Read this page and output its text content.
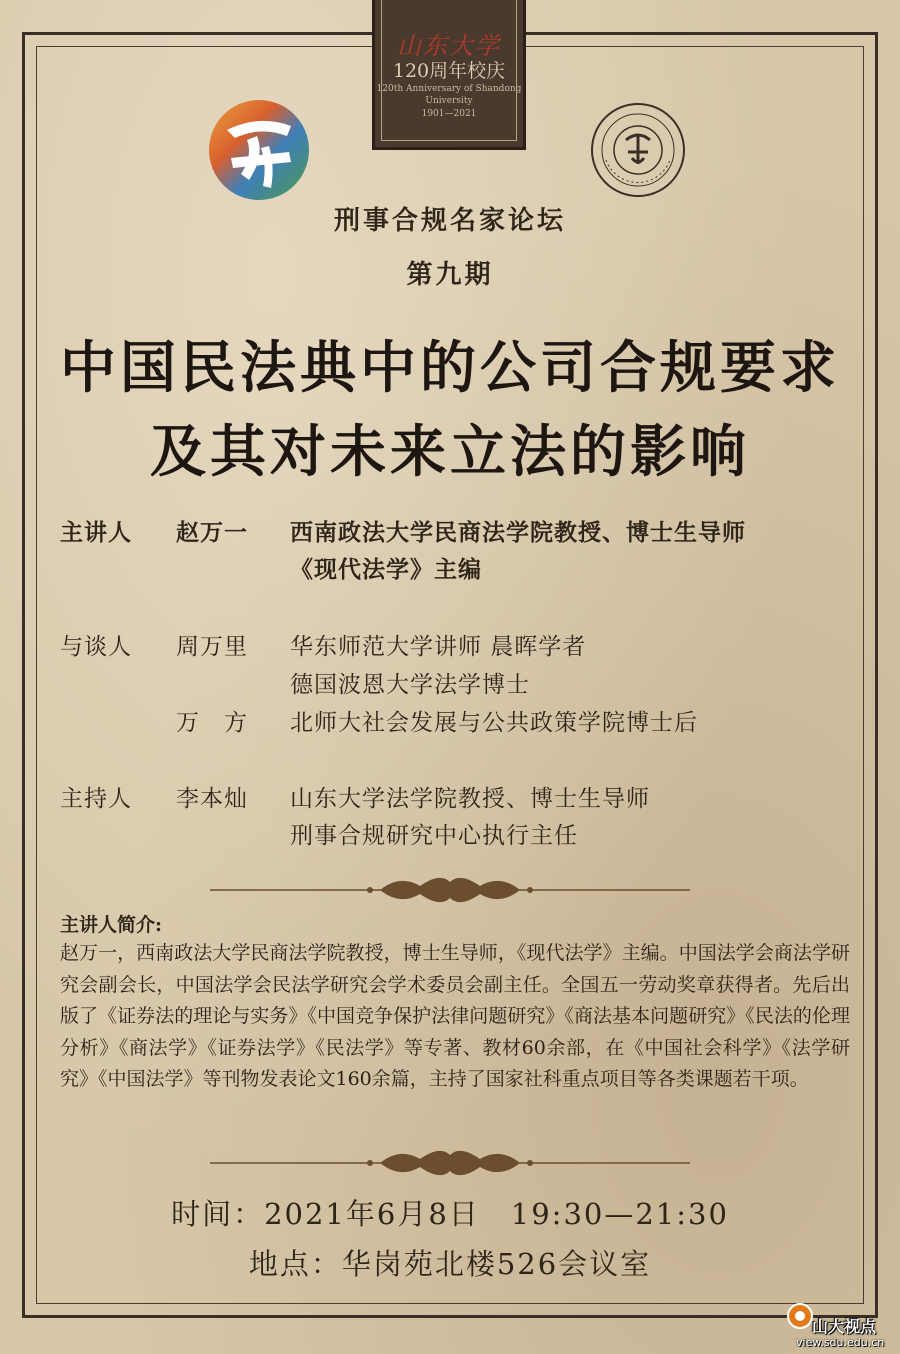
山东大学
120周年校庆
120th Anniversary of Shandong University
1901—2021
刑事合规名家论坛
第九期
中国民法典中的公司合规要求
及其对未来立法的影响
主讲人 赵万一 西南政法大学民商法学院教授、博士生导师
《现代法学》主编
与谈人 周万里 华东师范大学讲师 晨晖学者
德国波恩大学法学博士
万　方 北师大社会发展与公共政策学院博士后
主持人 李本灿 山东大学法学院教授、博士生导师
刑事合规研究中心执行主任
主讲人简介:
赵万一，西南政法大学民商法学院教授，博士生导师，《现代法学》主编。中国法学会商法学研究会副会长，中国法学会民法学研究会学术委员会副主任。全国五一劳动奖章获得者。先后出版了《证券法的理论与实务》《中国竞争保护法律问题研究》《商法基本问题研究》《民法的伦理分析》《商法学》《证券法学》《民法学》等专著、教材60余部，在《中国社会科学》《法学研究》《中国法学》等刊物发表论文160余篇，主持了国家社科重点项目等各类课题若干项。
时间：2021年6月8日　19:30—21:30
地点：华岗苑北楼526会议室
山大视点
view.sdu.edu.cn
